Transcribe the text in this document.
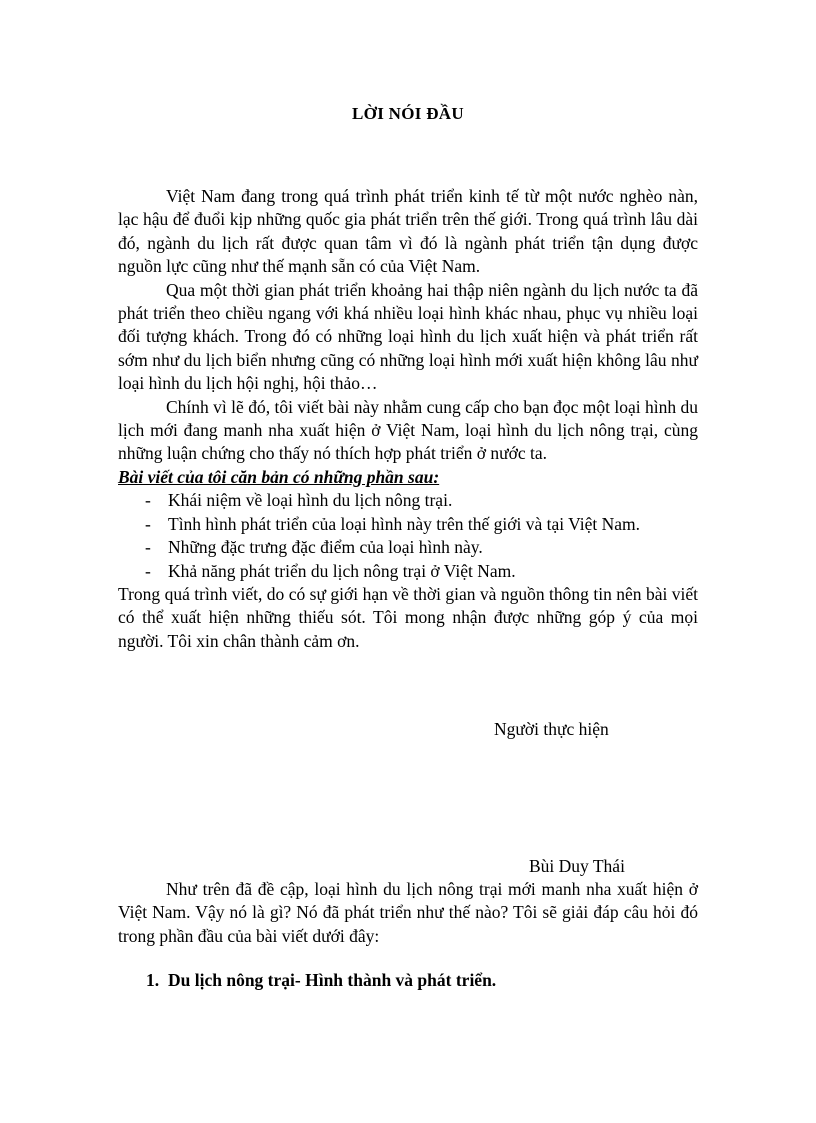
LỜI NÓI ĐẦU

Việt Nam đang trong quá trình phát triển kinh tế từ một nước nghèo nàn, lạc hậu để đuổi kịp những quốc gia phát triển trên thế giới. Trong quá trình lâu dài đó, ngành du lịch rất được quan tâm vì đó là ngành phát triển tận dụng được nguồn lực cũng như thế mạnh sẵn có của Việt Nam.

Qua một thời gian phát triển khoảng hai thập niên ngành du lịch nước ta đã phát triển theo chiều ngang với khá nhiều loại hình khác nhau, phục vụ nhiều loại đối tượng khách. Trong đó có những loại hình du lịch xuất hiện và phát triển rất sớm như du lịch biển nhưng cũng có những loại hình mới xuất hiện không lâu như loại hình du lịch hội nghị, hội thảo…

Chính vì lẽ đó, tôi viết bài này nhằm cung cấp cho bạn đọc một loại hình du lịch mới đang manh nha xuất hiện ở Việt Nam, loại hình du lịch nông trại, cùng những luận chứng cho thấy nó thích hợp phát triển ở nước ta.

Bài viết của tôi căn bản có những phần sau:

- Khái niệm về loại hình du lịch nông trại.
- Tình hình phát triển của loại hình này trên thế giới và tại Việt Nam.
- Những đặc trưng đặc điểm của loại hình này.
- Khả năng phát triển du lịch nông trại ở Việt Nam.

Trong quá trình viết, do có sự giới hạn về thời gian và nguồn thông tin nên bài viết có thể xuất hiện những thiếu sót. Tôi mong nhận được những góp ý của mọi người. Tôi xin chân thành cảm ơn.

Người thực hiện
Bùi Duy Thái

Như trên đã đề cập, loại hình du lịch nông trại mới manh nha xuất hiện ở Việt Nam. Vậy nó là gì? Nó đã phát triển như thế nào? Tôi sẽ giải đáp câu hỏi đó trong phần đầu của bài viết dưới đây:

1. Du lịch nông trại- Hình thành và phát triển.
